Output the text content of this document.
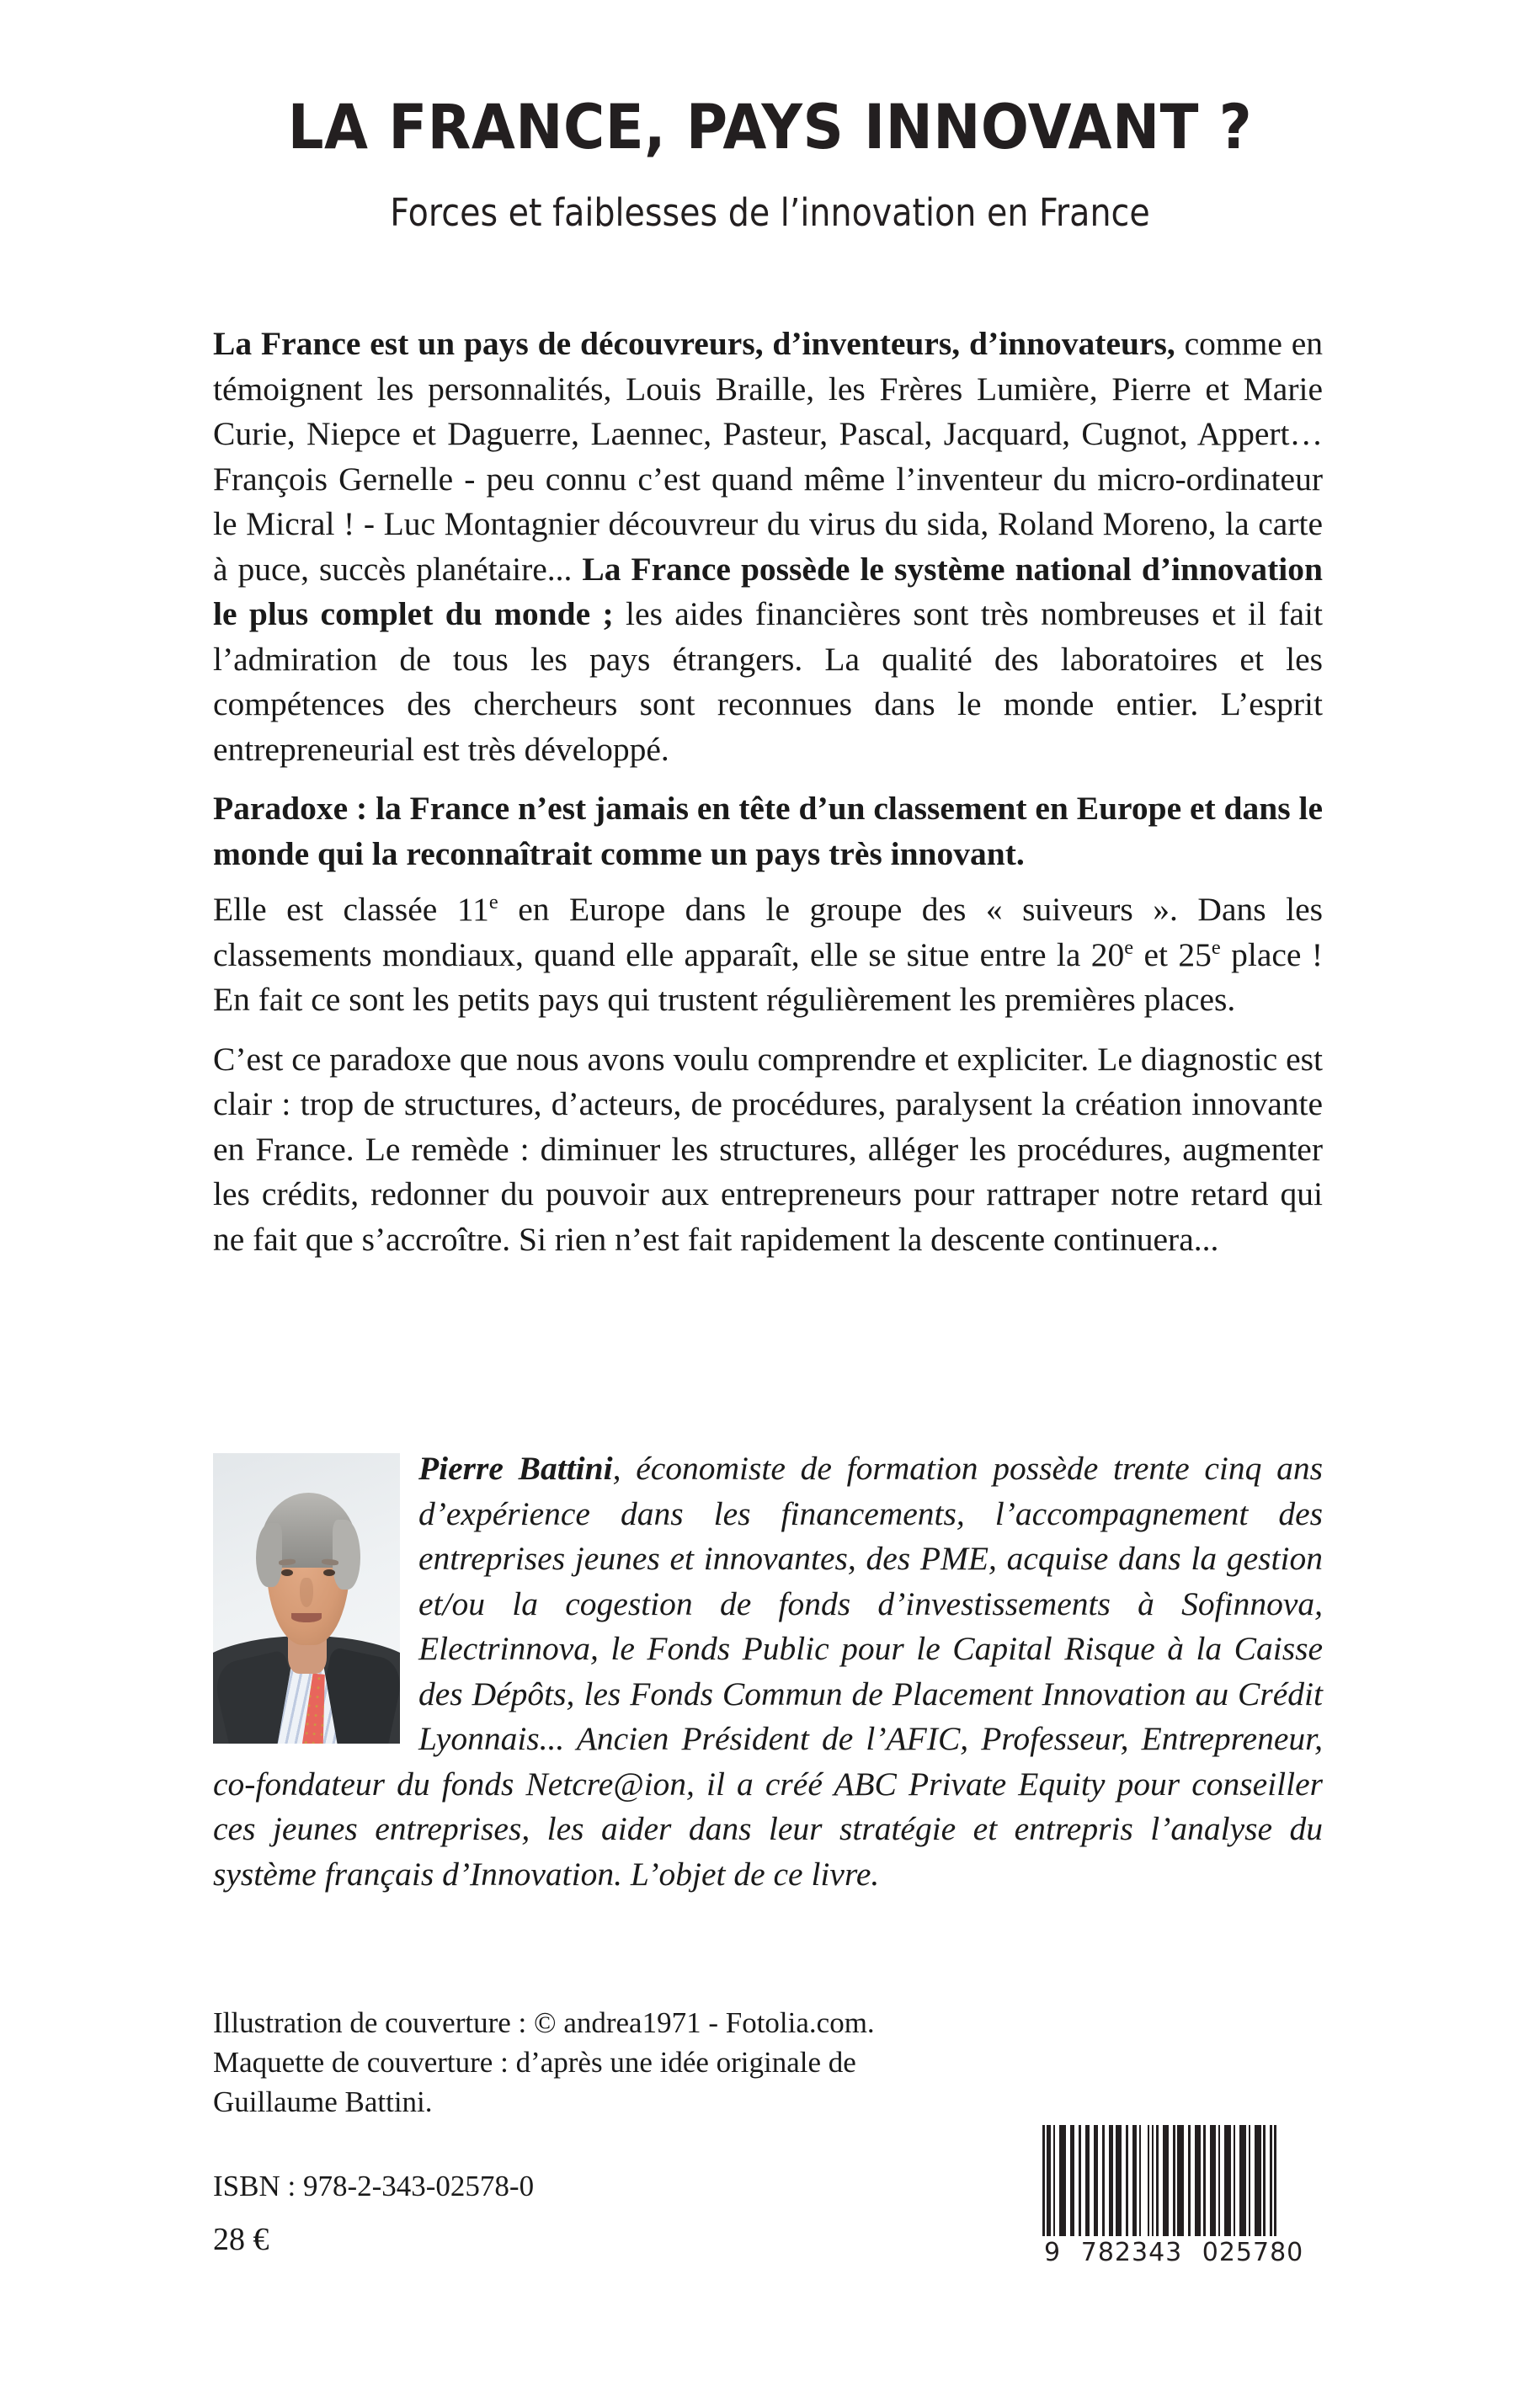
LA FRANCE, PAYS INNOVANT ?
Forces et faiblesses de l’innovation en France

La France est un pays de découvreurs, d’inventeurs, d’innovateurs, comme en témoignent les personnalités, Louis Braille, les Frères Lumière, Pierre et Marie Curie, Niepce et Daguerre, Laennec, Pasteur, Pascal, Jacquard, Cugnot, Appert… François Gernelle - peu connu c’est quand même l’inventeur du micro-ordinateur le Micral ! - Luc Montagnier découvreur du virus du sida, Roland Moreno, la carte à puce, succès planétaire... La France possède le système national d’innovation le plus complet du monde ; les aides financières sont très nombreuses et il fait l’admiration de tous les pays étrangers. La qualité des laboratoires et les compétences des chercheurs sont reconnues dans le monde entier. L’esprit entrepreneurial est très développé.

Paradoxe : la France n’est jamais en tête d’un classement en Europe et dans le monde qui la reconnaîtrait comme un pays très innovant.

Elle est classée 11e en Europe dans le groupe des « suiveurs ». Dans les classements mondiaux, quand elle apparaît, elle se situe entre la 20e et 25e place ! En fait ce sont les petits pays qui trustent régulièrement les premières places.

C’est ce paradoxe que nous avons voulu comprendre et expliciter. Le diagnostic est clair : trop de structures, d’acteurs, de procédures, paralysent la création innovante en France. Le remède : diminuer les structures, alléger les procédures, augmenter les crédits, redonner du pouvoir aux entrepreneurs pour rattraper notre retard qui ne fait que s’accroître. Si rien n’est fait rapidement la descente continuera...

Pierre Battini, économiste de formation possède trente cinq ans d’expérience dans les financements, l’accompagnement des entreprises jeunes et innovantes, des PME, acquise dans la gestion et/ou la cogestion de fonds d’investissements à Sofinnova, Electrinnova, le Fonds Public pour le Capital Risque à la Caisse des Dépôts, les Fonds Commun de Placement Innovation au Crédit Lyonnais... Ancien Président de l’AFIC, Professeur, Entrepreneur, co-fondateur du fonds Netcre@ion, il a créé ABC Private Equity pour conseiller ces jeunes entreprises, les aider dans leur stratégie et entrepris l’analyse du système français d’Innovation. L’objet de ce livre.

Illustration de couverture : © andrea1971 - Fotolia.com.

Maquette de couverture : d’après une idée originale de

Guillaume Battini.

ISBN : 978-2-343-02578-0
28 €	9 782343 025780
